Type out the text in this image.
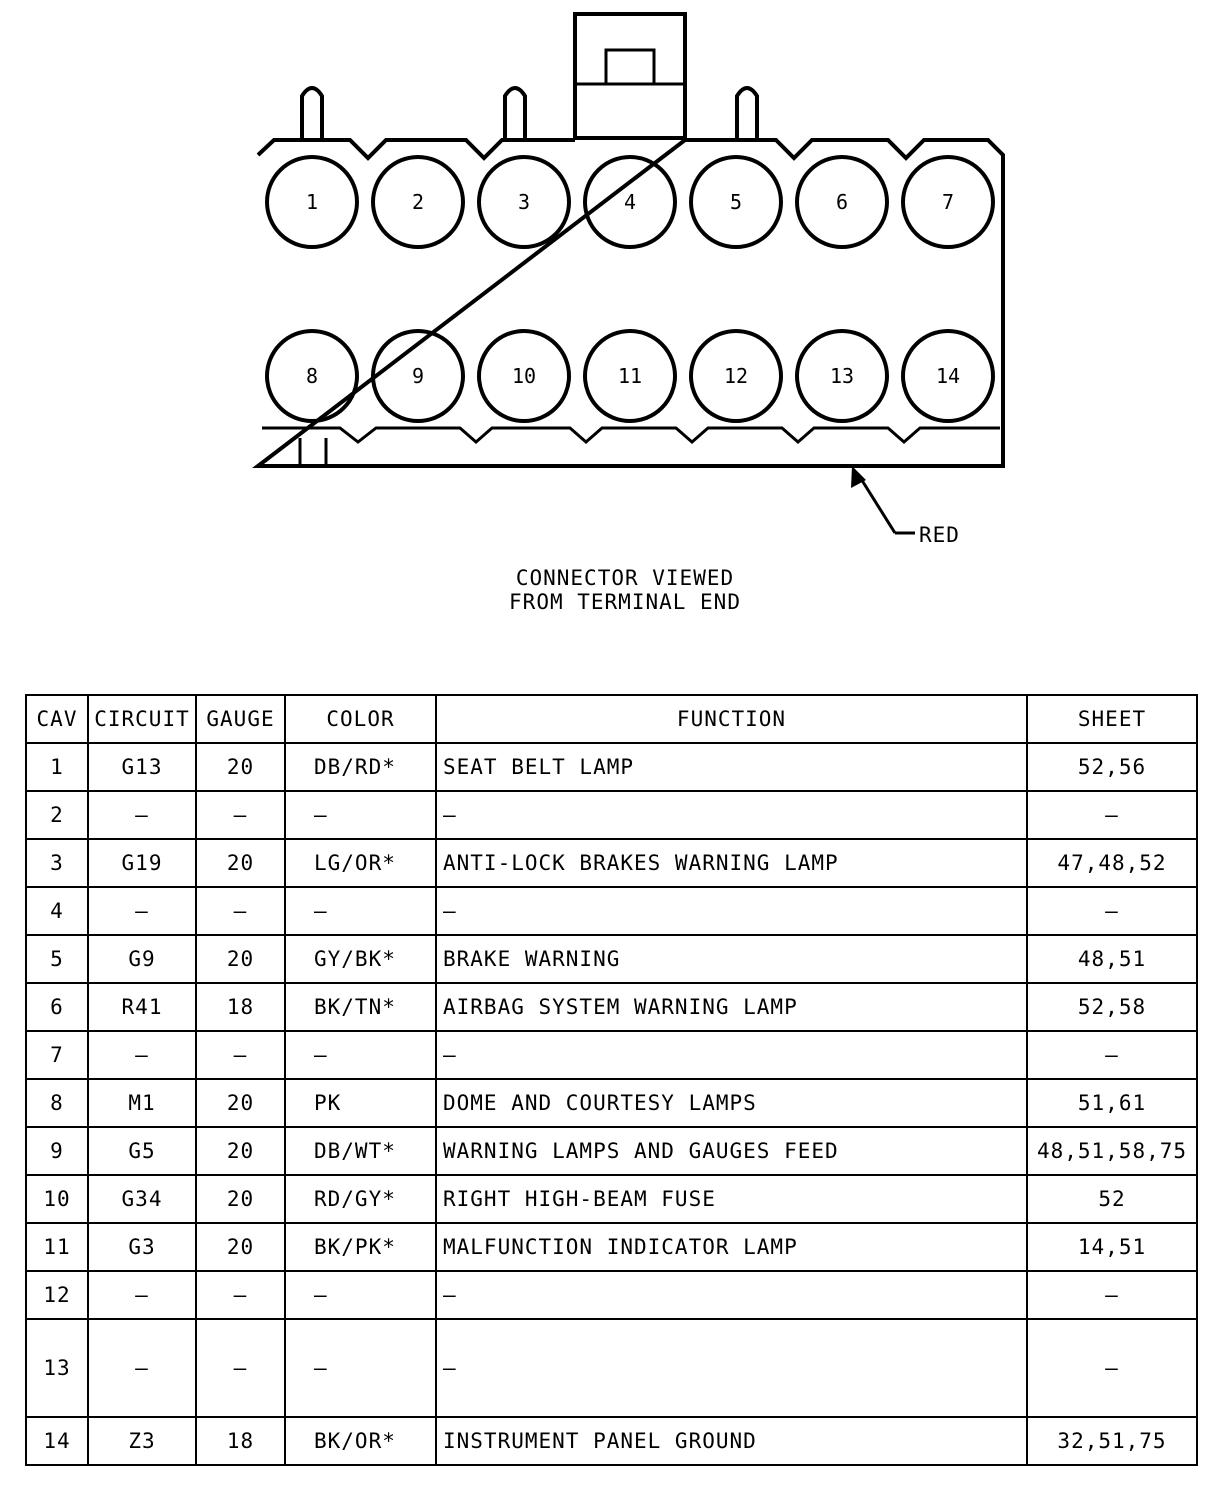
1	2	3	4	5	6	7
8	9	10	11	12	13	14
RED
CONNECTOR VIEWED
FROM TERMINAL END
CAV	CIRCUIT	GAUGE	COLOR	FUNCTION	SHEET
1	G13	20	DB/RD*	SEAT BELT LAMP	52,56
2	—	—	—	—	—
3	G19	20	LG/OR*	ANTI-LOCK BRAKES WARNING LAMP	47,48,52
4	—	—	—	—	—
5	G9	20	GY/BK*	BRAKE WARNING	48,51
6	R41	18	BK/TN*	AIRBAG SYSTEM WARNING LAMP	52,58
7	—	—	—	—	—
8	M1	20	PK	DOME AND COURTESY LAMPS	51,61
9	G5	20	DB/WT*	WARNING LAMPS AND GAUGES FEED	48,51,58,75
10	G34	20	RD/GY*	RIGHT HIGH-BEAM FUSE	52
11	G3	20	BK/PK*	MALFUNCTION INDICATOR LAMP	14,51
12	—	—	—	—	—
13	—	—	—	—	—
14	Z3	18	BK/OR*	INSTRUMENT PANEL GROUND	32,51,75
